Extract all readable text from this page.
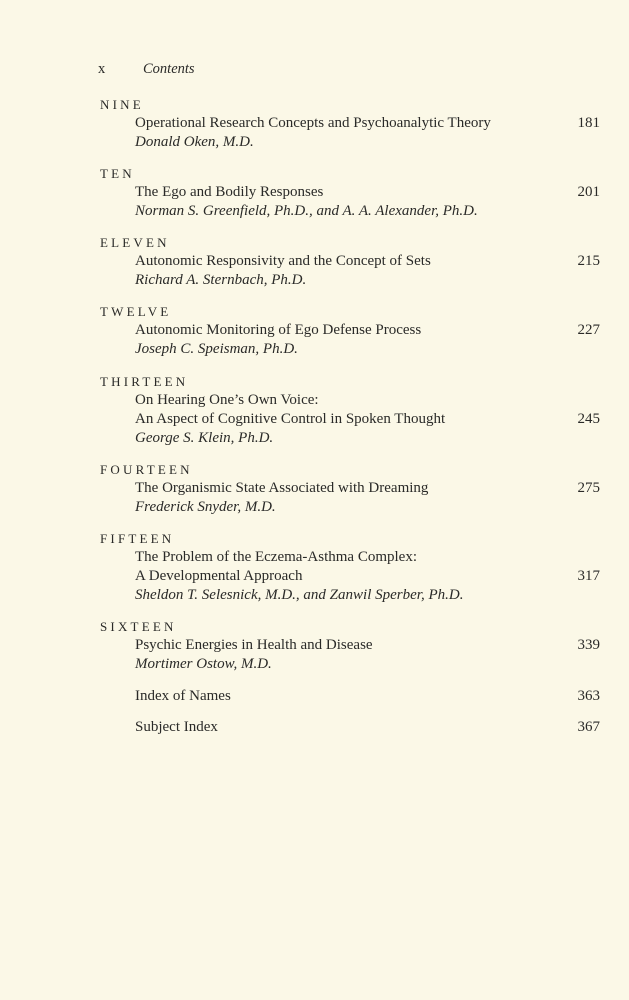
x	Contents
NINE
Operational Research Concepts and Psychoanalytic Theory	181
Donald Oken, M.D.
TEN
The Ego and Bodily Responses	201
Norman S. Greenfield, Ph.D., and A. A. Alexander, Ph.D.
ELEVEN
Autonomic Responsivity and the Concept of Sets	215
Richard A. Sternbach, Ph.D.
TWELVE
Autonomic Monitoring of Ego Defense Process	227
Joseph C. Speisman, Ph.D.
THIRTEEN
On Hearing One’s Own Voice:
An Aspect of Cognitive Control in Spoken Thought	245
George S. Klein, Ph.D.
FOURTEEN
The Organismic State Associated with Dreaming	275
Frederick Snyder, M.D.
FIFTEEN
The Problem of the Eczema-Asthma Complex:
A Developmental Approach	317
Sheldon T. Selesnick, M.D., and Zanwil Sperber, Ph.D.
SIXTEEN
Psychic Energies in Health and Disease	339
Mortimer Ostow, M.D.
Index of Names	363
Subject Index	367
